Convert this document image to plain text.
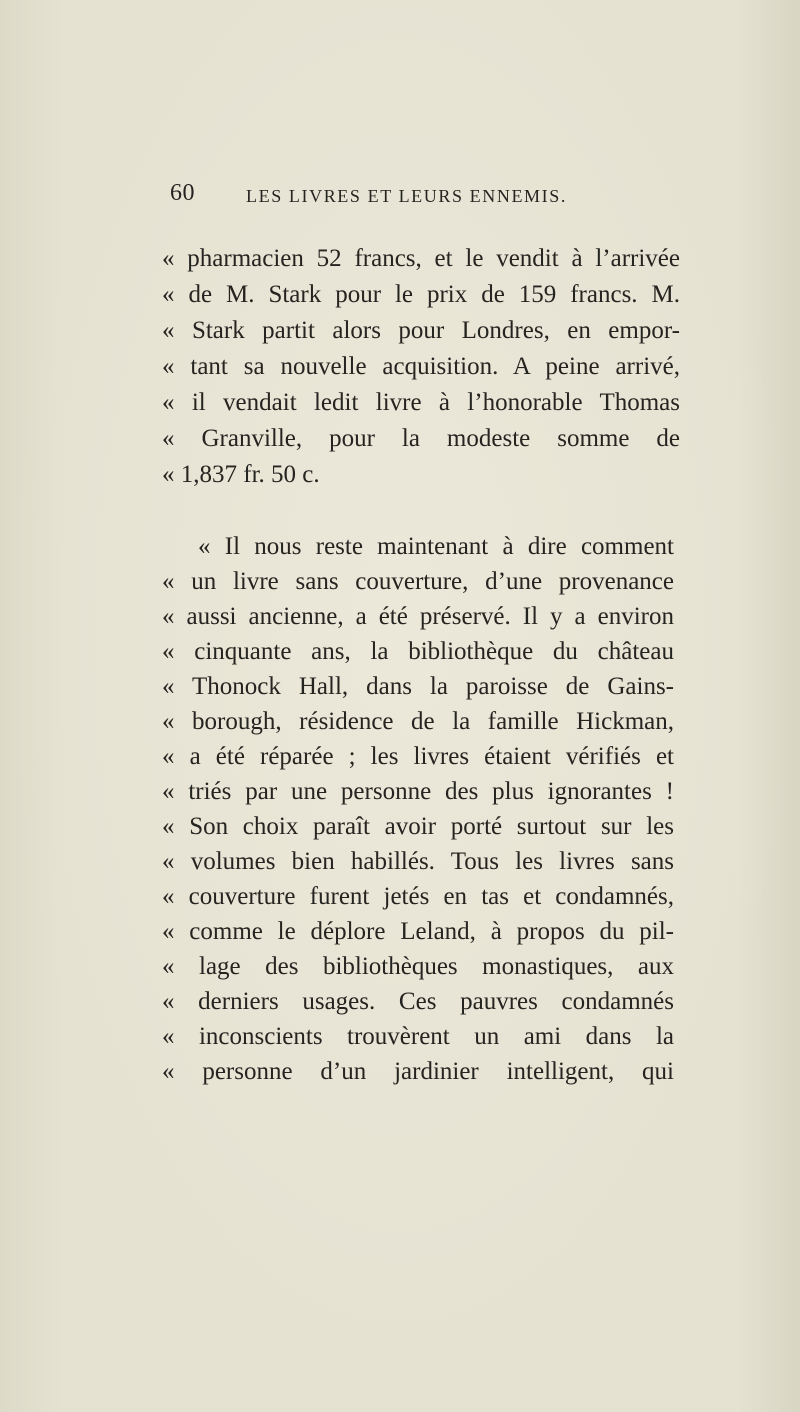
60	LES LIVRES ET LEURS ENNEMIS.
« pharmacien 52 francs, et le vendit à l’arrivée
« de M. Stark pour le prix de 159 francs. M.
« Stark partit alors pour Londres, en empor-
« tant sa nouvelle acquisition. A peine arrivé,
« il vendait ledit livre à l’honorable Thomas
« Granville, pour la modeste somme de
« 1,837 fr. 50 c.
« Il nous reste maintenant à dire comment
« un livre sans couverture, d’une provenance
« aussi ancienne, a été préservé. Il y a environ
« cinquante ans, la bibliothèque du château
« Thonock Hall, dans la paroisse de Gains-
« borough, résidence de la famille Hickman,
« a été réparée ; les livres étaient vérifiés et
« triés par une personne des plus ignorantes !
« Son choix paraît avoir porté surtout sur les
« volumes bien habillés. Tous les livres sans
« couverture furent jetés en tas et condamnés,
« comme le déplore Leland, à propos du pil-
« lage des bibliothèques monastiques, aux
« derniers usages. Ces pauvres condamnés
« inconscients trouvèrent un ami dans la
« personne d’un jardinier intelligent, qui
